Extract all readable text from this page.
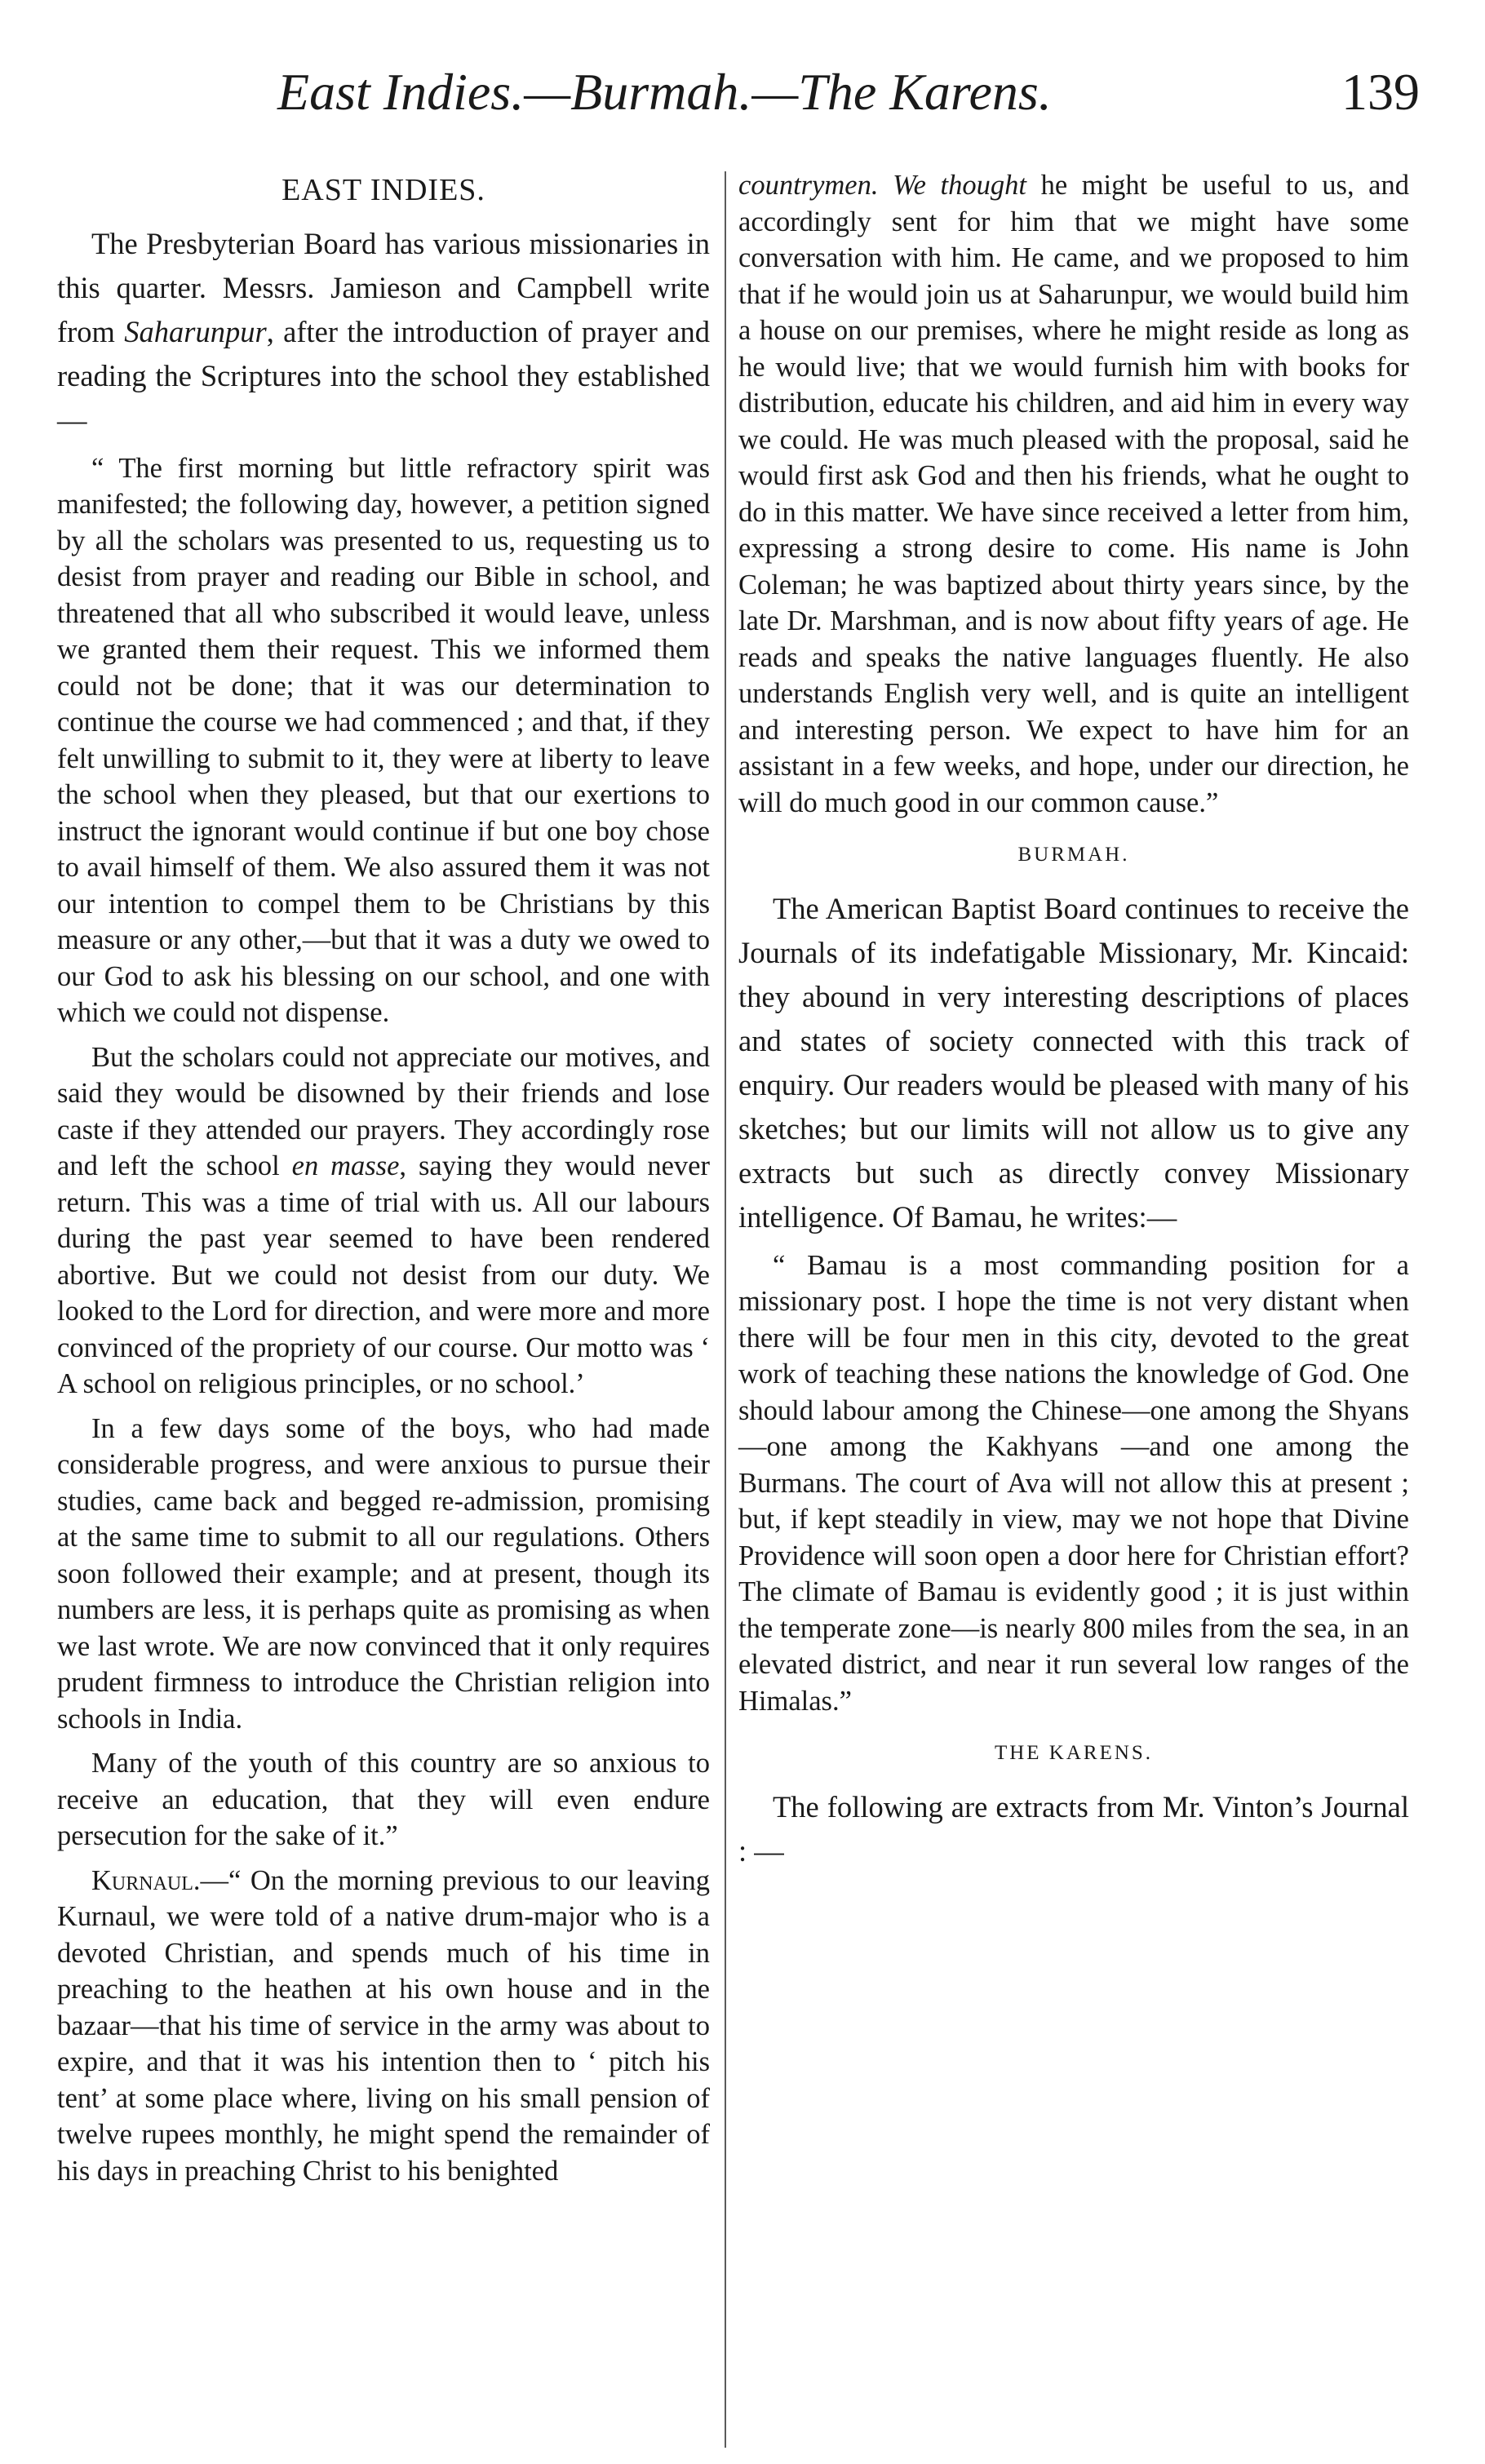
East Indies.—Burmah.—The Karens.	139
EAST INDIES.

The Presbyterian Board has various missionaries in this quarter. Messrs. Jamieson and Campbell write from Saharunpur, after the introduction of prayer and reading the Scriptures into the school they established—

“ The first morning but little refractory spirit was manifested; the following day, however, a petition signed by all the scholars was presented to us, requesting us to desist from prayer and reading our Bible in school, and threatened that all who subscribed it would leave, unless we granted them their request. This we informed them could not be done; that it was our determination to continue the course we had commenced ; and that, if they felt unwilling to submit to it, they were at liberty to leave the school when they pleased, but that our exertions to instruct the ignorant would continue if but one boy chose to avail himself of them. We also assured them it was not our intention to compel them to be Christians by this measure or any other,—but that it was a duty we owed to our God to ask his blessing on our school, and one with which we could not dispense.

But the scholars could not appreciate our motives, and said they would be disowned by their friends and lose caste if they attended our prayers. They accordingly rose and left the school en masse, saying they would never return. This was a time of trial with us. All our labours during the past year seemed to have been rendered abortive. But we could not desist from our duty. We looked to the Lord for direction, and were more and more convinced of the propriety of our course. Our motto was ‘ A school on religious principles, or no school.’

In a few days some of the boys, who had made considerable progress, and were anxious to pursue their studies, came back and begged re-admission, promising at the same time to submit to all our regulations. Others soon followed their example; and at present, though its numbers are less, it is perhaps quite as promising as when we last wrote. We are now convinced that it only requires prudent firmness to introduce the Christian religion into schools in India.

Many of the youth of this country are so anxious to receive an education, that they will even endure persecution for the sake of it.”

Kurnaul.—“ On the morning previous to our leaving Kurnaul, we were told of a native drum-major who is a devoted Christian, and spends much of his time in preaching to the heathen at his own house and in the bazaar—that his time of service in the army was about to expire, and that it was his intention then to ‘ pitch his tent’ at some place where, living on his small pension of twelve rupees monthly, he might spend the remainder of his days in preaching Christ to his benighted

countrymen. We thought he might be useful to us, and accordingly sent for him that we might have some conversation with him. He came, and we proposed to him that if he would join us at Saharunpur, we would build him a house on our premises, where he might reside as long as he would live; that we would furnish him with books for distribution, educate his children, and aid him in every way we could. He was much pleased with the proposal, said he would first ask God and then his friends, what he ought to do in this matter. We have since received a letter from him, expressing a strong desire to come. His name is John Coleman; he was baptized about thirty years since, by the late Dr. Marshman, and is now about fifty years of age. He reads and speaks the native languages fluently. He also understands English very well, and is quite an intelligent and interesting person. We expect to have him for an assistant in a few weeks, and hope, under our direction, he will do much good in our common cause.”

BURMAH.

The American Baptist Board continues to receive the Journals of its indefatigable Missionary, Mr. Kincaid: they abound in very interesting descriptions of places and states of society connected with this track of enquiry. Our readers would be pleased with many of his sketches; but our limits will not allow us to give any extracts but such as directly convey Missionary intelligence. Of Bamau, he writes:—

“ Bamau is a most commanding position for a missionary post. I hope the time is not very distant when there will be four men in this city, devoted to the great work of teaching these nations the knowledge of God. One should labour among the Chinese—one among the Shyans—one among the Kakhyans —and one among the Burmans. The court of Ava will not allow this at present ; but, if kept steadily in view, may we not hope that Divine Providence will soon open a door here for Christian effort? The climate of Bamau is evidently good ; it is just within the temperate zone—is nearly 800 miles from the sea, in an elevated district, and near it run several low ranges of the Himalas.”

THE KARENS.

The following are extracts from Mr. Vinton’s Journal : —
